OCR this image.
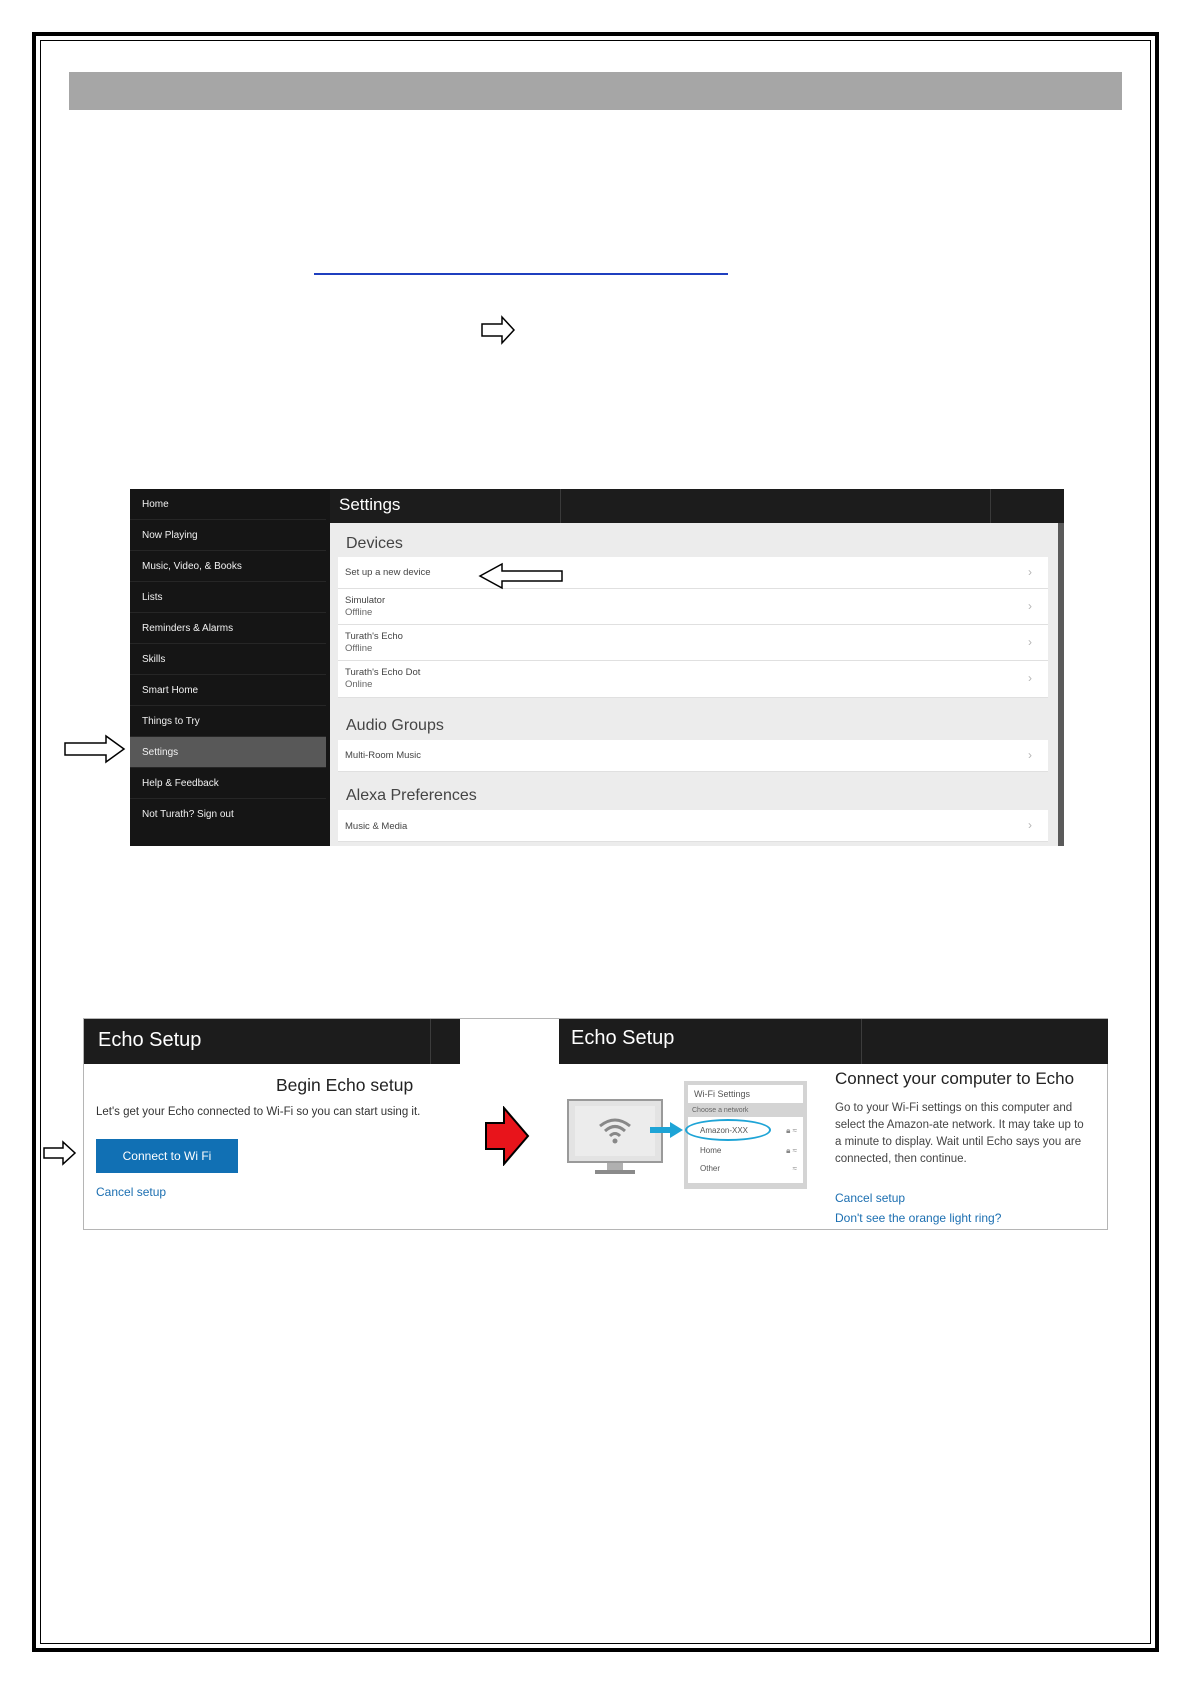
Home
Now Playing
Music, Video, & Books
Lists
Reminders & Alarms
Skills
Smart Home
Things to Try
Settings
Help & Feedback
Not Turath? Sign out
Settings
Devices
Set up a new device	›
Simulator
Offline	›
Turath's Echo
Offline	›
Turath's Echo Dot
Online	›
Audio Groups
Multi-Room Music	›
Alexa Preferences
Music & Media	›
Echo Setup	Echo Setup
Begin Echo setup
Let's get your Echo connected to Wi-Fi so you can start using it.
Connect to Wi Fi
Cancel setup
Wi-Fi Settings
Choose a network
Amazon-XXX	🔒︎ ≈
Home	🔒︎ ≈
Other	≈
Connect your computer to Echo
Go to your Wi-Fi settings on this computer and select the Amazon-ate network. It may take up to a minute to display. Wait until Echo says you are connected, then continue.
Cancel setup
Don't see the orange light ring?
